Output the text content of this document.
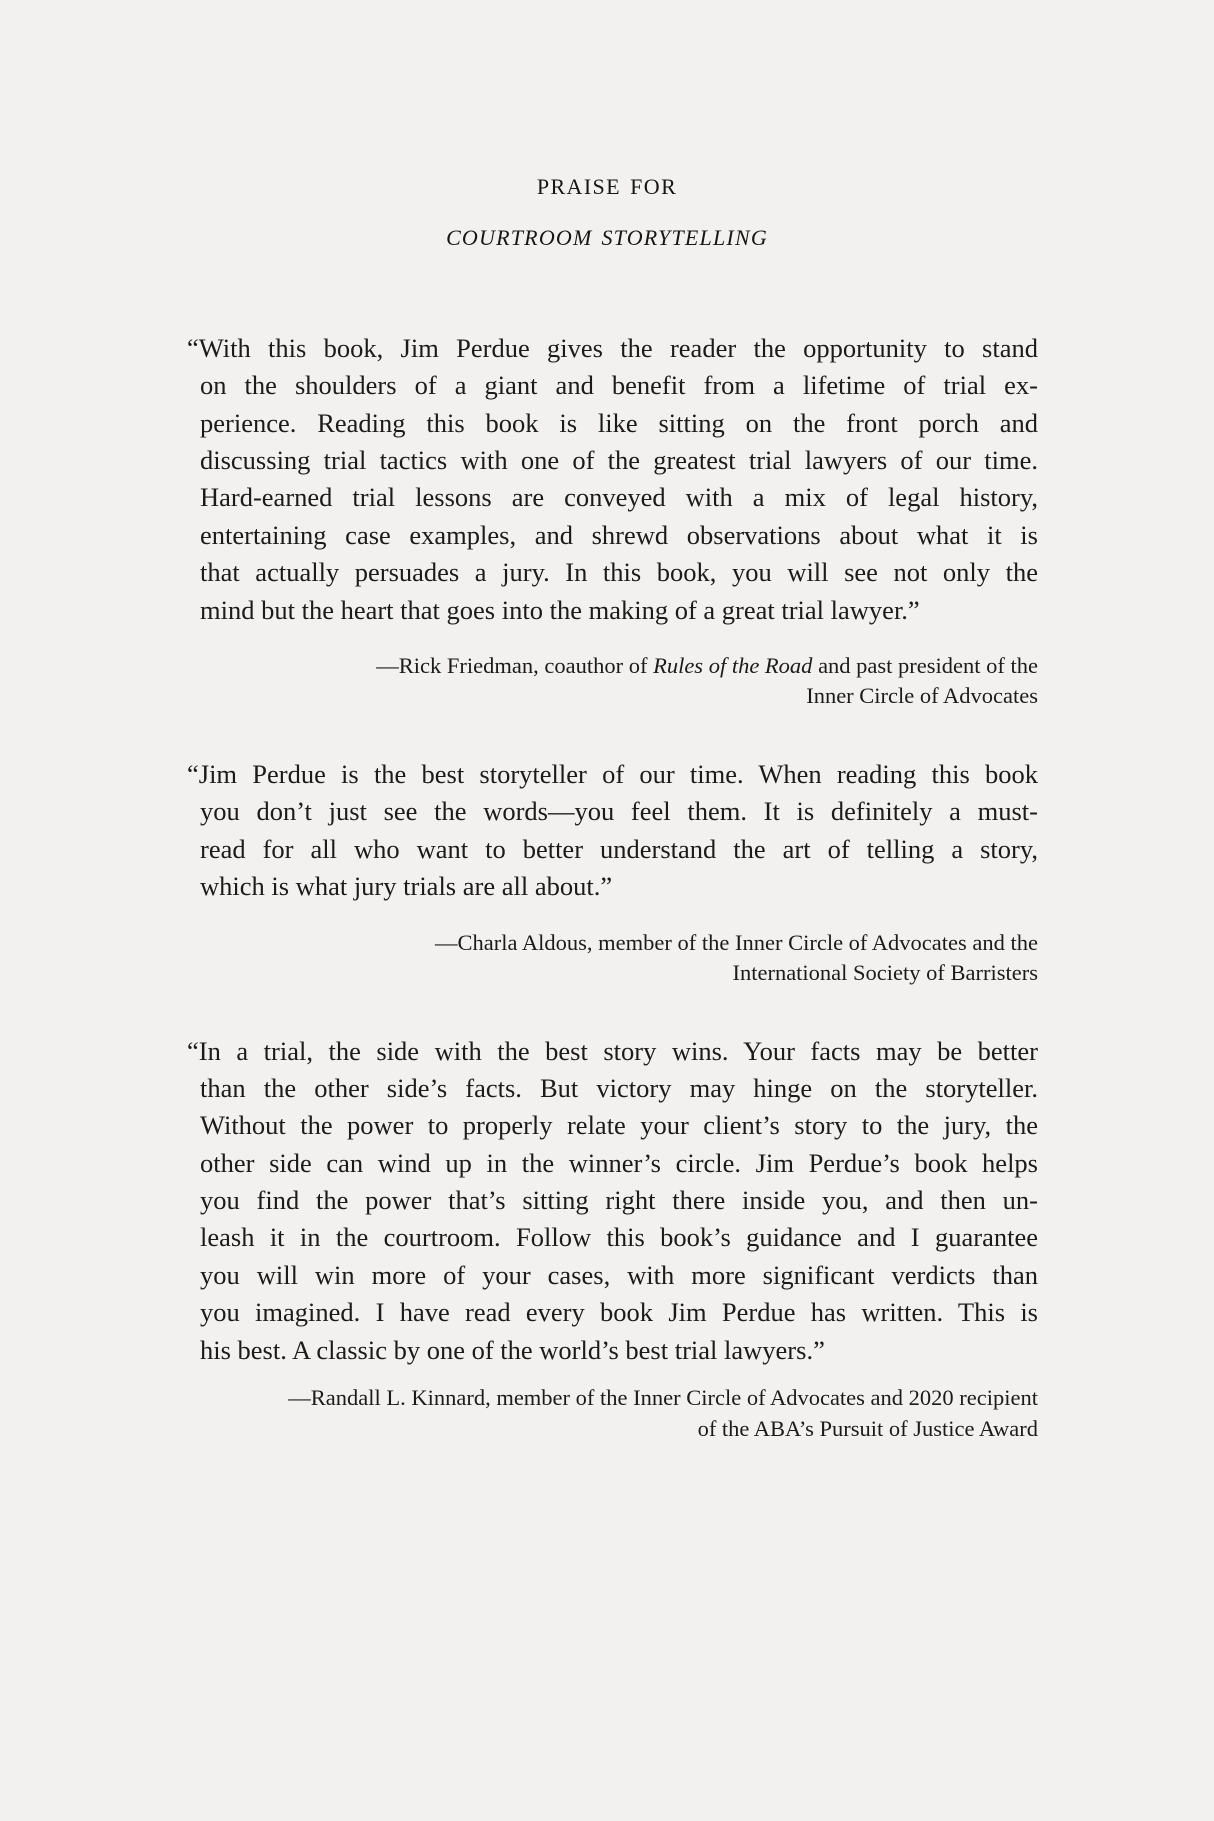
praise for
courtroom storytelling
“With this book, Jim Perdue gives the reader the opportunity to stand
on the shoulders of a giant and benefit from a lifetime of trial ex-
perience. Reading this book is like sitting on the front porch and
discussing trial tactics with one of the greatest trial lawyers of our time.
Hard-earned trial lessons are conveyed with a mix of legal history,
entertaining case examples, and shrewd observations about what it is
that actually persuades a jury. In this book, you will see not only the
mind but the heart that goes into the making of a great trial lawyer.”
—Rick Friedman, coauthor of Rules of the Road and past president of the
Inner Circle of Advocates
“Jim Perdue is the best storyteller of our time. When reading this book
you don’t just see the words—you feel them. It is definitely a must-
read for all who want to better understand the art of telling a story,
which is what jury trials are all about.”
—Charla Aldous, member of the Inner Circle of Advocates and the
International Society of Barristers
“In a trial, the side with the best story wins. Your facts may be better
than the other side’s facts. But victory may hinge on the storyteller.
Without the power to properly relate your client’s story to the jury, the
other side can wind up in the winner’s circle. Jim Perdue’s book helps
you find the power that’s sitting right there inside you, and then un-
leash it in the courtroom. Follow this book’s guidance and I guarantee
you will win more of your cases, with more significant verdicts than
you imagined. I have read every book Jim Perdue has written. This is
his best. A classic by one of the world’s best trial lawyers.”
—Randall L. Kinnard, member of the Inner Circle of Advocates and 2020 recipient
of the ABA’s Pursuit of Justice Award
